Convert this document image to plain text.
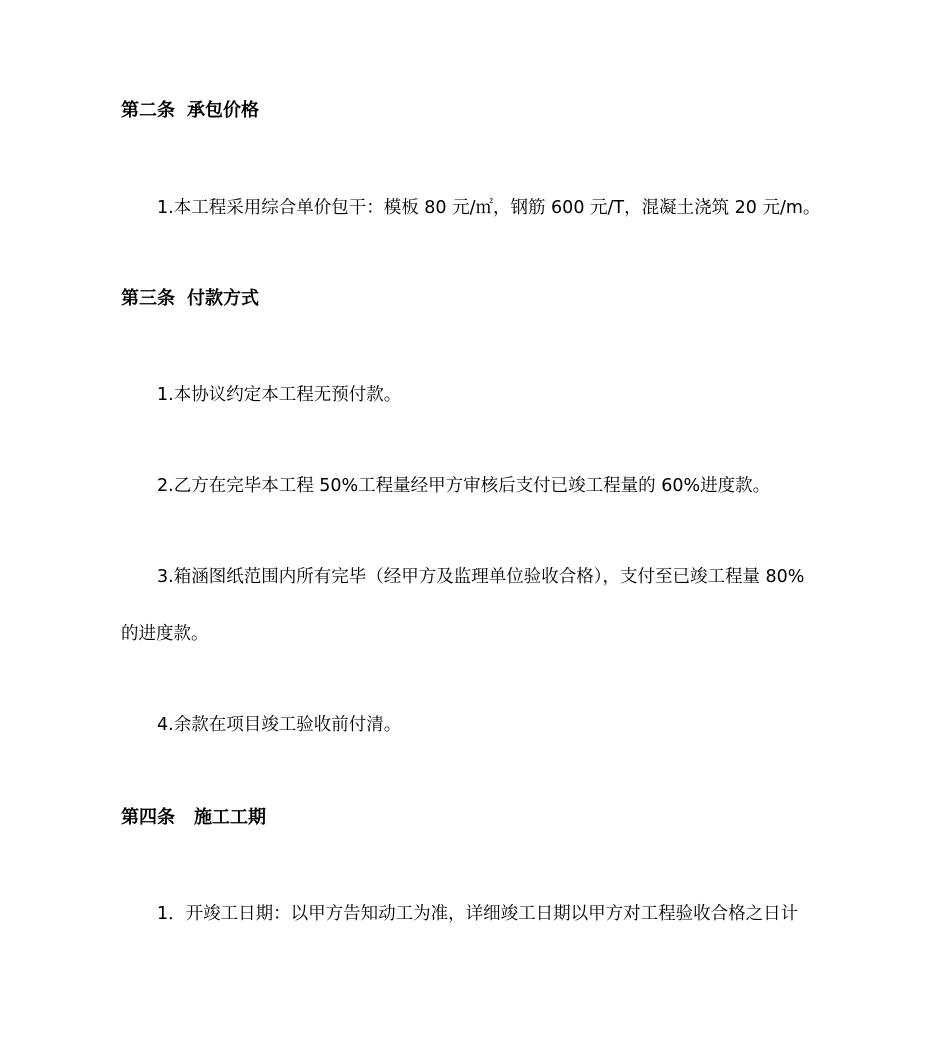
第二条 承包价格
1.本工程采用综合单价包干：模板 80 元/㎡，钢筋 600 元/T，混凝土浇筑 20 元/m。
第三条 付款方式
1.本协议约定本工程无预付款。
2.乙方在完毕本工程 50%工程量经甲方审核后支付已竣工程量的 60%进度款。
3.箱涵图纸范围内所有完毕（经甲方及监理单位验收合格），支付至已竣工程量 80%
的进度款。
4.余款在项目竣工验收前付清。
第四条 施工工期
1．开竣工日期：以甲方告知动工为准，详细竣工日期以甲方对工程验收合格之日计
